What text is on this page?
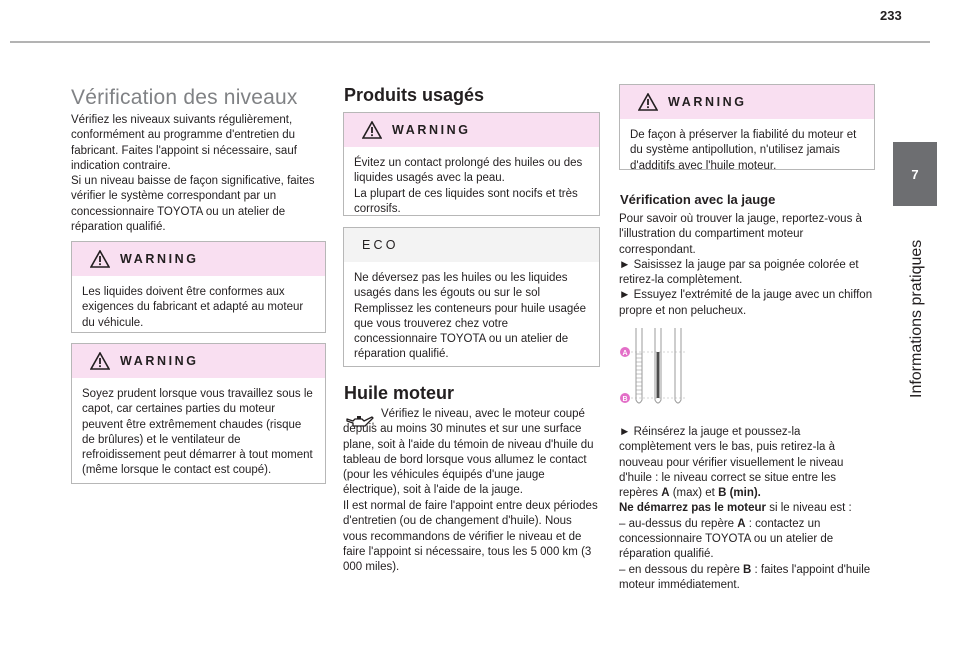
233
7
Informations pratiques
Vérification des niveaux
Vérifiez les niveaux suivants régulièrement, conformément au programme d'entretien du fabricant. Faites l'appoint si nécessaire, sauf indication contraire.
Si un niveau baisse de façon significative, faites vérifier le système correspondant par un concessionnaire TOYOTA ou un atelier de réparation qualifié.
WARNING
Les liquides doivent être conformes aux exigences du fabricant et adapté au moteur du véhicule.
WARNING
Soyez prudent lorsque vous travaillez sous le capot, car certaines parties du moteur peuvent être extrêmement chaudes (risque de brûlures) et le ventilateur de refroidissement peut démarrer à tout moment (même lorsque le contact est coupé).
Produits usagés
WARNING
Évitez un contact prolongé des huiles ou des liquides usagés avec la peau.
La plupart de ces liquides sont nocifs et très corrosifs.
ECO
Ne déversez pas les huiles ou les liquides usagés dans les égouts ou sur le sol
Remplissez les conteneurs pour huile usagée que vous trouverez chez votre concessionnaire TOYOTA ou un atelier de réparation qualifié.
Huile moteur
Vérifiez le niveau, avec le moteur coupé depuis au moins 30 minutes et sur une surface plane, soit à l'aide du témoin de niveau d'huile du tableau de bord lorsque vous allumez le contact (pour les véhicules équipés d'une jauge électrique), soit à l'aide de la jauge.
Il est normal de faire l'appoint entre deux périodes d'entretien (ou de changement d'huile). Nous vous recommandons de vérifier le niveau et de faire l'appoint si nécessaire, tous les 5 000 km (3 000 miles).
WARNING
De façon à préserver la fiabilité du moteur et du système antipollution, n'utilisez jamais d'additifs avec l'huile moteur.
Vérification avec la jauge
Pour savoir où trouver la jauge, reportez-vous à l'illustration du compartiment moteur correspondant.
► Saisissez la jauge par sa poignée colorée et retirez-la complètement.
► Essuyez l'extrémité de la jauge avec un chiffon propre et non pelucheux.
A
B
► Réinsérez la jauge et poussez-la complètement vers le bas, puis retirez-la à nouveau pour vérifier visuellement le niveau d'huile : le niveau correct se situe entre les repères A (max) et B (min).
Ne démarrez pas le moteur si le niveau est :
– au-dessus du repère A : contactez un concessionnaire TOYOTA ou un atelier de réparation qualifié.
– en dessous du repère B : faites l'appoint d'huile moteur immédiatement.
